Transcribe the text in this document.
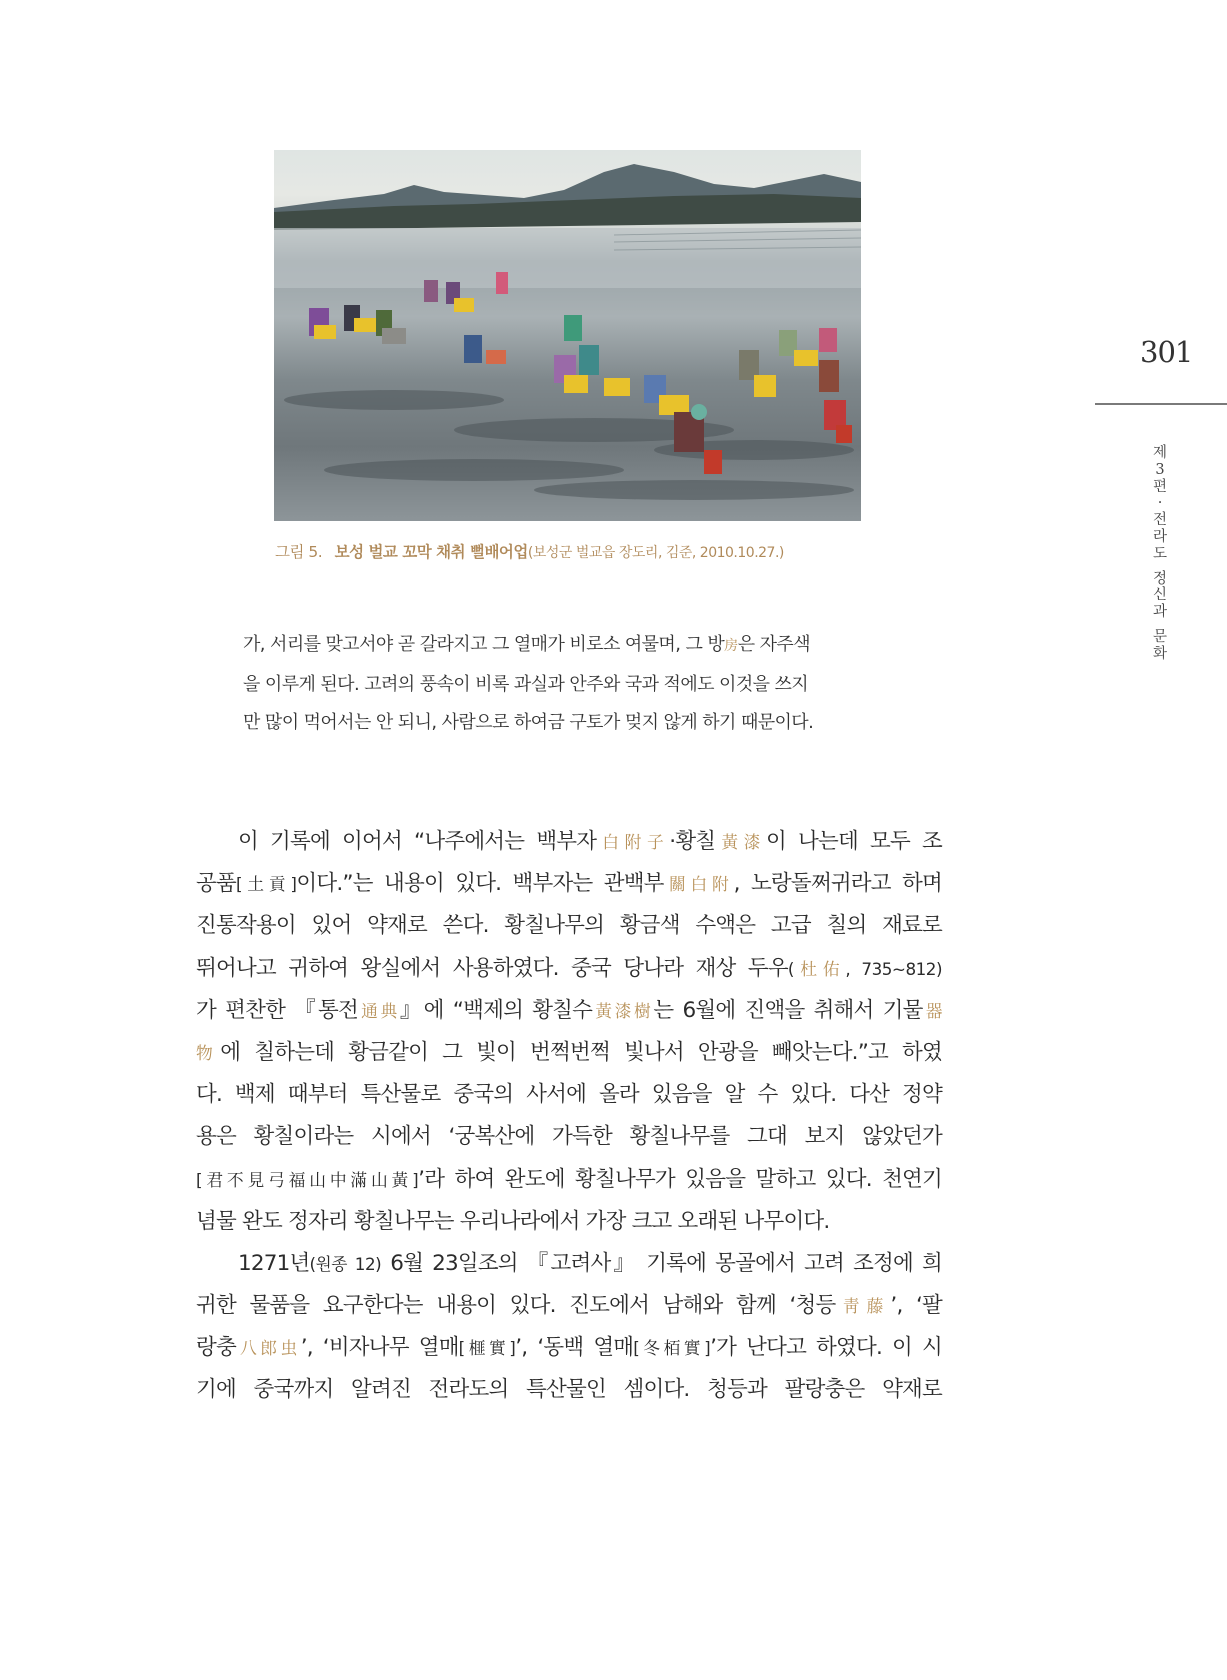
그림 5. 보성 벌교 꼬막 채취 뻘배어업(보성군 벌교읍 장도리, 김준, 2010.10.27.)
가, 서리를 맞고서야 곧 갈라지고 그 열매가 비로소 여물며, 그 방房은 자주색
을 이루게 된다. 고려의 풍속이 비록 과실과 안주와 국과 적에도 이것을 쓰지
만 많이 먹어서는 안 되니, 사람으로 하여금 구토가 멎지 않게 하기 때문이다.
이 기록에 이어서 “나주에서는 백부자白附子·황칠黃漆이 나는데 모두 조
공품[土貢]이다.”는 내용이 있다. 백부자는 관백부關白附, 노랑돌쩌귀라고 하며
진통작용이 있어 약재로 쓴다. 황칠나무의 황금색 수액은 고급 칠의 재료로
뛰어나고 귀하여 왕실에서 사용하였다. 중국 당나라 재상 두우(杜佑, 735~812)
가 편찬한 『통전通典』에 “백제의 황칠수黃漆樹는 6월에 진액을 취해서 기물器
物에 칠하는데 황금같이 그 빛이 번쩍번쩍 빛나서 안광을 빼앗는다.”고 하였
다. 백제 때부터 특산물로 중국의 사서에 올라 있음을 알 수 있다. 다산 정약
용은 황칠이라는 시에서 ‘궁복산에 가득한 황칠나무를 그대 보지 않았던가
[君不見弓福山中滿山黃]’라 하여 완도에 황칠나무가 있음을 말하고 있다. 천연기
념물 완도 정자리 황칠나무는 우리나라에서 가장 크고 오래된 나무이다.
1271년(원종 12) 6월 23일조의 『고려사』 기록에 몽골에서 고려 조정에 희
귀한 물품을 요구한다는 내용이 있다. 진도에서 남해와 함께 ‘청등靑藤’, ‘팔
랑충八郎虫’, ‘비자나무 열매[榧實]’, ‘동백 열매[冬栢實]’가 난다고 하였다. 이 시
기에 중국까지 알려진 전라도의 특산물인 셈이다. 청등과 팔랑충은 약재로
301
제
3
편
·
전
라
도
정
신
과
문
화
